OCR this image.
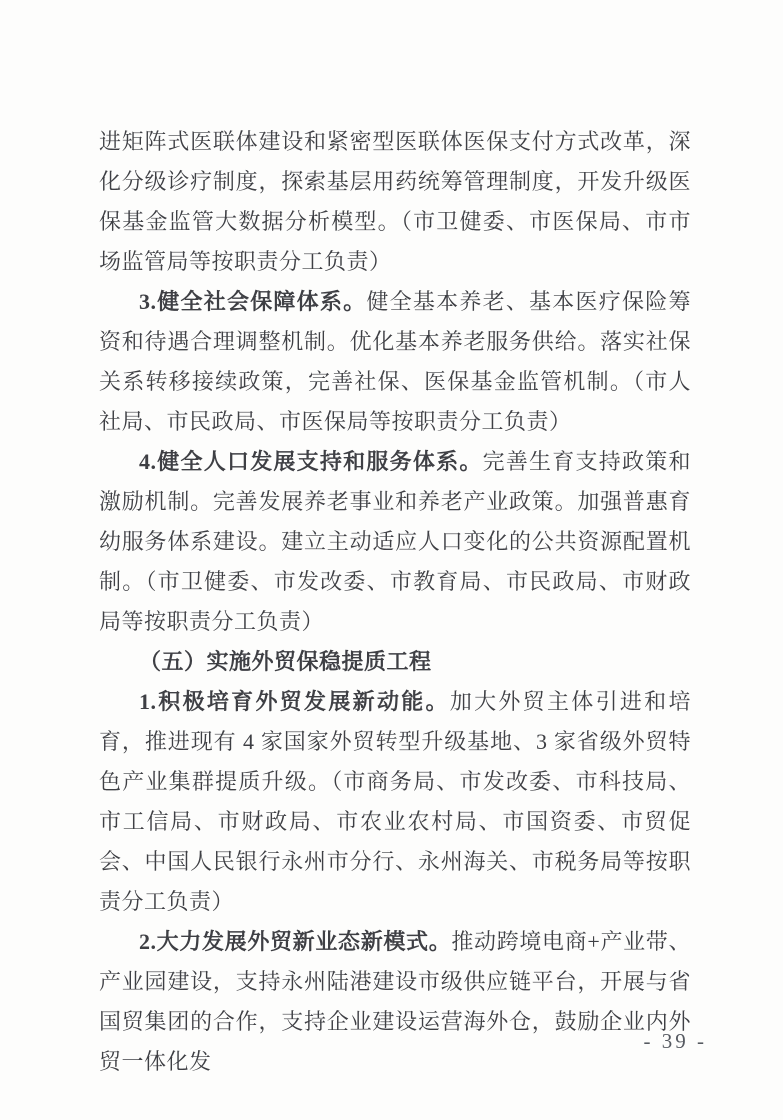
进矩阵式医联体建设和紧密型医联体医保支付方式改革，深化分级诊疗制度，探索基层用药统筹管理制度，开发升级医保基金监管大数据分析模型。（市卫健委、市医保局、市市场监管局等按职责分工负责）

3.健全社会保障体系。健全基本养老、基本医疗保险筹资和待遇合理调整机制。优化基本养老服务供给。落实社保关系转移接续政策，完善社保、医保基金监管机制。（市人社局、市民政局、市医保局等按职责分工负责）

4.健全人口发展支持和服务体系。完善生育支持政策和激励机制。完善发展养老事业和养老产业政策。加强普惠育幼服务体系建设。建立主动适应人口变化的公共资源配置机制。（市卫健委、市发改委、市教育局、市民政局、市财政局等按职责分工负责）

（五）实施外贸保稳提质工程

1.积极培育外贸发展新动能。加大外贸主体引进和培育，推进现有 4 家国家外贸转型升级基地、3 家省级外贸特色产业集群提质升级。（市商务局、市发改委、市科技局、市工信局、市财政局、市农业农村局、市国资委、市贸促会、中国人民银行永州市分行、永州海关、市税务局等按职责分工负责）

2.大力发展外贸新业态新模式。推动跨境电商+产业带、产业园建设，支持永州陆港建设市级供应链平台，开展与省国贸集团的合作，支持企业建设运营海外仓，鼓励企业内外贸一体化发

- 39 -
